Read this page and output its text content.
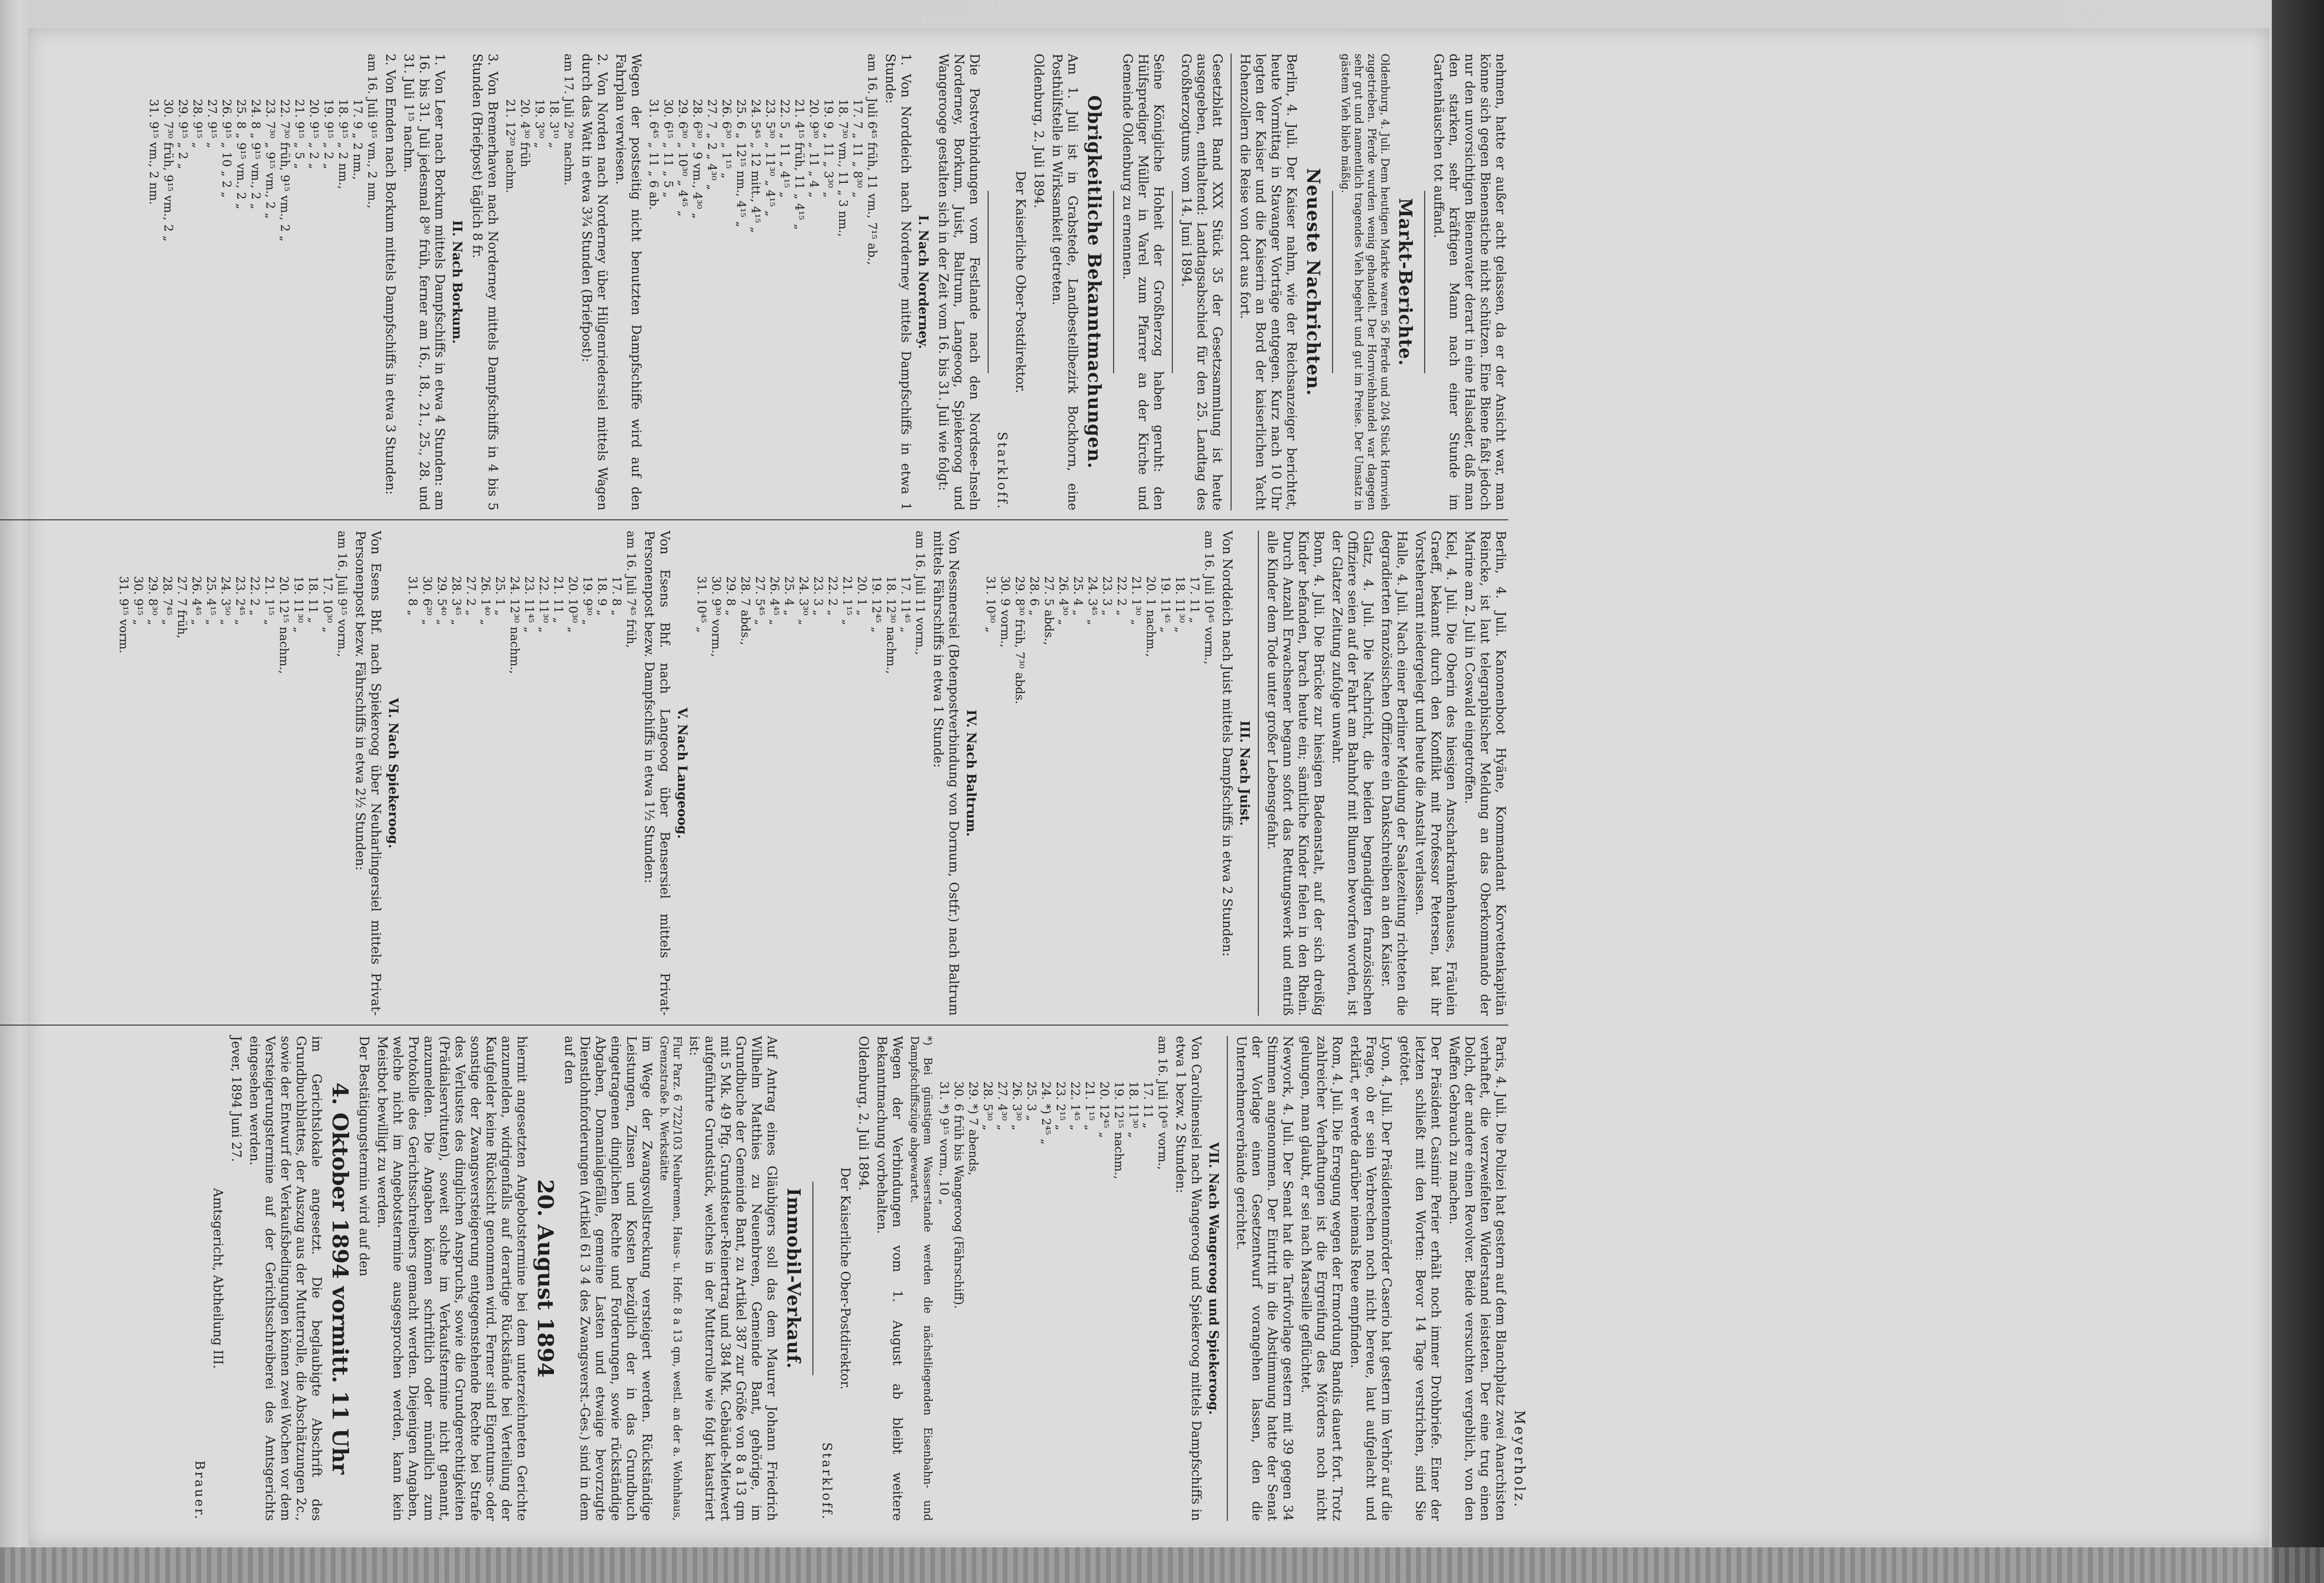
Meyerholz.

nehmen, hatte er außer acht gelassen, da er der Ansicht war, man könne sich gegen Bienenstiche nicht schützen. Eine Biene faßt jedoch nur den unvorsichtigen Bienenvater derart in eine Halsader, daß man den starken, sehr kräftigen Mann nach einer Stunde im Gartenhäuschen tot auffand.

Markt-Berichte.

Oldenburg, 4. Juli. Dem heutigen Markte waren 56 Pferde und 204 Stück Hornvieh zugetrieben. Pferde wurden wenig gehandelt. Der Hornviehhandel war dagegen sehr gut und namentlich tragendes Vieh begehrt und gut im Preise. Der Umsatz in gästem Vieh blieb mäßig.

Neueste Nachrichten.

Berlin, 4. Juli. Der Kaiser nahm, wie der Reichsanzeiger berichtet, heute Vormittag in Stavanger Vorträge entgegen. Kurz nach 10 Uhr legten der Kaiser und die Kaiserin an Bord der kaiserlichen Yacht Hohenzollern die Reise von dort aus fort.

Gesetzblatt Band XXX Stück 35 der Gesetzsammlung ist heute ausgegeben, enthaltend: Landtagsabschied für den 25. Landtag des Großherzogtums vom 14. Juni 1894.

Seine Königliche Hoheit der Großherzog haben geruht: den Hülfsprediger Müller in Varel zum Pfarrer an der Kirche und Gemeinde Oldenburg zu ernennen.

Obrigkeitliche Bekanntmachungen.

Am 1. Juli ist in Grabstede, Landbestellbezirk Bockhorn, eine Posthülfstelle in Wirksamkeit getreten.

Oldenburg, 2. Juli 1894.

Der Kaiserliche Ober-Postdirektor.

Starkloff.

Die Postverbindungen vom Festlande nach den Nordsee-Inseln Norderney, Borkum, Juist, Baltrum, Langeoog, Spiekeroog und Wangerooge gestalten sich in der Zeit vom 16. bis 31. Juli wie folgt:

I. Nach Norderney.

1. Von Norddeich nach Norderney mittels Dampfschiffs in etwa 1 Stunde:

am 16. Juli	6⁴⁵ früh, 11 vm., 7¹⁵ ab.,
17.	7 „ 11 „ 8³⁰ „
18.	7³⁰ vm., 11 „ 3 nm.,
19.	9 „ 11 „ 3³⁰ „
20.	9³⁰ „ 11 „ 4 „
21.	4¹⁵ früh, 11 „ 4¹⁵ „
22.	5 „ 11 „ 4¹⁵ „
23.	5³⁰ „ 11³⁰ „ 4¹⁵ „
24.	5⁴⁵ „ 12 mitt., 4¹⁵ „
25.	6 „ 12¹⁵ nm., 4¹⁵ „
26.	6³⁰ „ 1¹⁵ „
27.	7 „ 2 „ 4³⁰ „
28.	6³⁰ „ 9 vm., 4³⁰ „
29.	6³⁰ „ 10³⁰ „ 4⁴⁵ „
30.	6¹⁵ „ 11 „ 5 „
31.	6⁴⁵ „ 11 „ 6 ab.

Wegen der postseitig nicht benutzten Dampfschiffe wird auf den Fahrplan verwiesen.

2. Von Norden nach Norderney über Hilgenriedersiel mittels Wagen durch das Watt in etwa 3¾ Stunden (Briefpost):

am 17. Juli	2³⁰ nachm.
18.	3¹⁰ „
19.	3⁵⁰ „
20.	4³⁰ früh
21.	12²⁰ nachm.

3. Von Bremerhaven nach Norderney mittels Dampfschiffs in 4 bis 5 Stunden (Briefpost) täglich 8 fr.

II. Nach Borkum.

1. Von Leer nach Borkum mittels Dampfschiffs in etwa 4 Stunden: am 16. bis 31. Juli jedesmal 8³⁰ früh, ferner am 16., 18., 21., 25., 28. und 31. Juli 1¹⁵ nachm.

2. Von Emden nach Borkum mittels Dampfschiffs in etwa 3 Stunden:

am 16. Juli	9¹⁵ vm., 2 nm.,
17.	9 „ 2 nm.,
18.	9¹⁵ „ 2 nm.,
19.	9¹⁵ „ 2 „
20.	9¹⁵ „ 2 „
21.	9¹⁵ „ 5 „
22.	7³⁰ früh, 9¹⁵ vm., 2 „
23.	7³⁰ „ 9¹⁵ vm., 2 „
24.	8 „ 9¹⁵ vm., 2 „
25.	8 „ 9¹⁵ vm., 2 „
26.	9¹⁵ „ 10 „ 2 „
27.	9¹⁵ „
28.	9¹⁵ „
29.	9¹⁵ „ 2 „
30.	7³⁰ früh, 9¹⁵ vm., 2 „
31.	9¹⁵ vm., 2 nm.

Berlin, 4. Juli. Kanonenboot Hyäne, Kommandant Korvettenkapitän Reincke, ist laut telegraphischer Meldung an das Oberkommando der Marine am 2. Juli in Coswald eingetroffen.

Kiel, 4. Juli. Die Oberin des hiesigen Anscharkrankenhauses, Fräulein Graeff, bekannt durch den Konflikt mit Professor Petersen, hat ihr Vorsteheramt niedergelegt und heute die Anstalt verlassen.

Halle, 4. Juli. Nach einer Berliner Meldung der Saalezeitung richteten die degradierten französischen Offiziere ein Dankschreiben an den Kaiser.

Glatz, 4. Juli. Die Nachricht, die beiden begnadigten französischen Offiziere seien auf der Fahrt am Bahnhof mit Blumen beworfen worden, ist der Glatzer Zeitung zufolge unwahr.

Bonn, 4. Juli. Die Brücke zur hiesigen Badeanstalt, auf der sich dreißig Kinder befanden, brach heute ein; sämtliche Kinder fielen in den Rhein. Durch Anzahl Erwachsener begann sofort das Rettungswerk und entriß alle Kinder dem Tode unter großer Lebensgefahr.

III. Nach Juist.

Von Norddeich nach Juist mittels Dampfschiffs in etwa 2 Stunden:

am 16. Juli	10⁴⁵ vorm.,
17.	11 „
18.	11³⁰ „
19.	11⁴⁵ „
20.	1 nachm.,
21.	1³⁰ „
22.	2 „
23.	3 „
24.	3⁴⁵ „
25.	4 „
26.	4³⁰ „
27.	5 abds.,
28.	6 „
29.	8³⁰ früh, 7³⁰ abds.
30.	9 vorm.,
31.	10³⁰ „
IV. Nach Baltrum.

Von Nessmersiel (Botenpostverbindung von Dornum, Ostfr.) nach Baltrum mittels Fährschiffs in etwa 1 Stunde:

am 16. Juli	11 vorm.,
17.	11⁴⁵ „
18.	12³⁰ nachm.,
19.	12⁴⁵ „
20.	1 „
21.	1¹⁵ „
22.	2 „
23.	3 „
24.	3³⁰ „
25.	4 „
26.	4⁴⁵ „
27.	5⁴⁵ „
28.	7 abds.,
29.	8 „
30.	9³⁰ vorm.,
31.	10⁴⁵ „
V. Nach Langeoog.

Von Esens Bhf. nach Langeoog über Bensersiel mittels Privat-Personenpost bezw. Dampfschiffs in etwa 1½ Stunden:

am 16. Juli	7⁴⁵ früh,
17.	8 „
18.	9 „
19.	9³⁰ „
20.	10³⁰ „
21.	11 „
22.	11³⁰ „
23.	11⁴⁵ „
24.	12³⁰ nachm.,
25.	1 „
26.	1⁴⁰ „
27.	2 „
28.	3⁴⁵ „
29.	5⁴⁰ „
30.	6²⁰ „
31.	8 „
VI. Nach Spiekeroog.

Von Esens Bhf. nach Spiekeroog über Neuharlingersiel mittels Privat-Personenpost bezw. Fährschiffs in etwa 2½ Stunden:

am 16. Juli	9¹⁵ vorm.,
17.	10³⁰ „
18.	11 „
19.	11³⁰ „
20.	12¹⁵ nachm.,
21.	1¹⁵ „
22.	2 „
23.	2⁴⁵ „
24.	3⁵⁰ „
25.	4¹⁵ „
26.	4⁴⁵ „
27.	7 früh,
28.	7⁴⁵ „
29.	8³⁰ „
30.	9¹⁵ „
31.	9¹⁵ vorm.

Paris, 4. Juli. Die Polizei hat gestern auf dem Blanchplatz zwei Anarchisten verhaftet, die verzweifelten Widerstand leisteten. Der eine trug einen Dolch, der andere einen Revolver. Beide versuchten vergeblich, von den Waffen Gebrauch zu machen.

Der Präsident Casimir Perier erhält noch immer Drohbriefe. Einer der letzten schließt mit den Worten: Bevor 14 Tage verstrichen, sind Sie getötet.

Lyon, 4. Juli. Der Präsidentenmörder Caserio hat gestern im Verhör auf die Frage, ob er sein Verbrechen noch nicht bereue, laut aufgelacht und erklärt, er werde darüber niemals Reue empfinden.

Rom, 4. Juli. Die Erregung wegen der Ermordung Bandis dauert fort. Trotz zahlreicher Verhaftungen ist die Ergreifung des Mörders noch nicht gelungen, man glaubt, er sei nach Marseille geflüchtet.

Newyork, 4. Juli. Der Senat hat die Tarifvorlage gestern mit 39 gegen 34 Stimmen angenommen. Der Eintritt in die Abstimmung hatte der Senat der Vorlage einen Gesetzentwurf vorangehen lassen, den die Unternehmerverbände gerichtet.

VII. Nach Wangeroog und Spiekeroog.

Von Carolinensiel nach Wangeroog und Spiekeroog mittels Dampfschiffs in etwa 1 bezw. 2 Stunden:

am 16. Juli	10⁴⁵ vorm.,
17.	11 „
18.	11³⁰ „
19.	12¹⁵ nachm.,
20.	12⁴⁵ „
21.	1¹⁵ „
22.	1⁴⁵ „
23.	2¹⁵ „
24.	*) 2⁴⁵ „
25.	3 „
26.	3³⁰ „
27.	4³⁰ „
28.	5³⁰ „
29.	*) 7 abends,
30.	6 früh bis Wangeroog (Fährschiff).
31.	*) 9¹⁵ vorm., 10 „

*) Bei günstigem Wasserstande werden die nächstliegenden Eisenbahn- und Dampfschiffszüge abgewartet.

Wegen der Verbindungen vom 1. August ab bleibt weitere Bekanntmachung vorbehalten.

Oldenburg, 2. Juli 1894.

Der Kaiserliche Ober-Postdirektor.

Starkloff.

Immobil-Verkauf.

Auf Antrag eines Gläubigers soll das dem Maurer Johann Friedrich Wilhelm Matthies zu Neuenbreen, Gemeinde Bant, gehörige, im Grundbuche der Gemeinde Bant, zu Artikel 387 zur Größe von 8 a 13 qm mit 5 Mk. 49 Pfg. Grundsteuer-Reinertrag und 384 Mk. Gebäude-Mietwert aufgeführte Grundstück, welches in der Mutterrolle wie folgt katastriert ist:

Flur Parz. 6 722/103 Neubremen, Haus- u. Hofr. 8 a 13 qm, westl. an der a. Wohnhaus, Grenzstraße b. Werkstätte

im Wege der Zwangsvollstreckung versteigert werden. Rückständige Leistungen, Zinsen und Kosten bezüglich der in das Grundbuch eingetragenen dinglichen Rechte und Forderungen, sowie rückständige Abgaben, Domanialgefälle, gemeine Lasten und etwaige bevorzugte Dienstlohnforderungen (Artikel 61 3 4 des Zwangsverst.-Ges.) sind in dem auf den

20. August 1894

hiermit angesetzten Angebotstermine bei dem unterzeichneten Gerichte anzumelden, widrigenfalls auf derartige Rückstände bei Verteilung der Kaufgelder keine Rücksicht genommen wird. Ferner sind Eigentums- oder sonstige der Zwangsversteigerung entgegenstehende Rechte bei Strafe des Verlustes des dinglichen Anspruchs, sowie die Grundgerechtigkeiten (Prädialservituten), soweit solche im Verkaufstermine nicht genannt, anzumelden. Die Angaben können schriftlich oder mündlich zum Protokolle des Gerichtsschreibers gemacht werden. Diejenigen Angaben, welche nicht im Angebotstermine ausgesprochen werden, kann kein Meistbot bewilligt zu werden.

Der Bestätigungstermin wird auf den

4. Oktober 1894 vormitt. 11 Uhr

im Gerichtslokale angesetzt. Die beglaubigte Abschrift des Grundbuchblattes, der Auszug aus der Mutterrolle, die Abschätzungen 2c., sowie der Entwurf der Verkaufsbedingungen können zwei Wochen vor dem Versteigerungstermine auf der Gerichtsschreiberei des Amtsgerichts eingesehen werden.

Jever, 1894 Juni 27.

Amtsgericht, Abtheilung III.

Brauer.
